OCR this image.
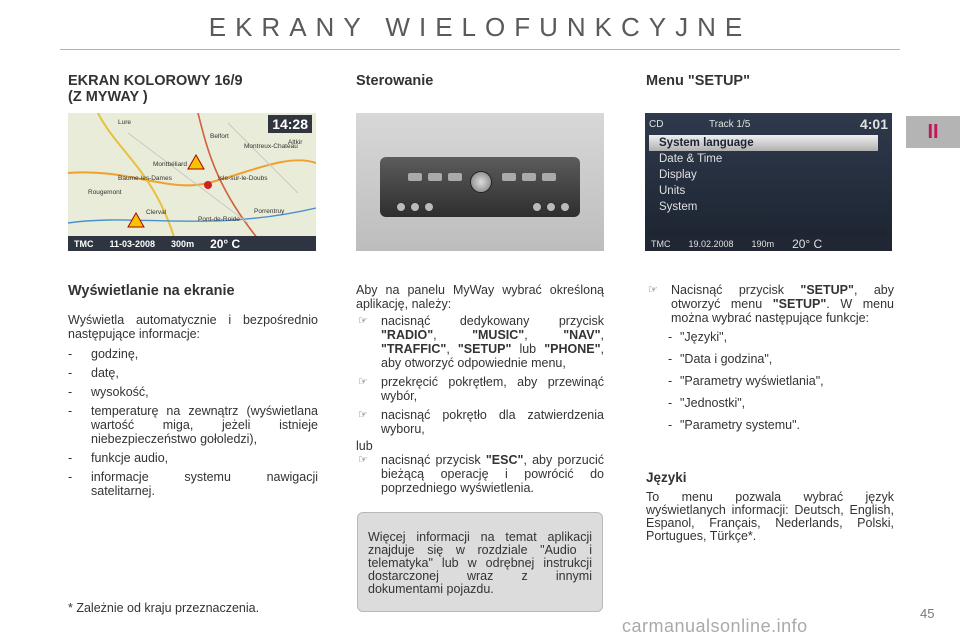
EKRANY WIELOFUNKCYJNE
II
EKRAN KOLOROWY 16/9
(Z MYWAY )
Lure
Belfort
Montreux-Chateau
Altkir
Montbéliard
Rougemont
Clerval
Pont-de-Roide
Porrentruy
Baume-les-Dames	Isle-sur-le-Doubs
14:28
TMC 11-03-2008 300m 20° C
Wyświetlanie na ekranie

Wyświetla automatycznie i bezpośrednio następujące informacje:

- godzinę,
- datę,
- wysokość,
- temperaturę na zewnątrz (wyświetlana wartość miga, jeżeli istnieje niebezpieczeństwo gołoledzi),
- funkcje audio,
- informacje systemu nawigacji satelitarnej.
* Zależnie od kraju przeznaczenia.
Sterowanie

Aby na panelu MyWay wybrać określoną aplikację, należy:

☞ nacisnąć dedykowany przycisk "RADIO", "MUSIC", "NAV", "TRAFFIC", "SETUP" lub "PHONE", aby otworzyć odpowiednie menu,
☞ przekręcić pokrętłem, aby przewinąć wybór,
☞ nacisnąć pokrętło dla zatwierdzenia wyboru,

lub

☞ nacisnąć przycisk "ESC", aby porzucić bieżącą operację i powrócić do poprzedniego wyświetlenia.
Więcej informacji na temat aplikacji znajduje się w rozdziale "Audio i telematyka" lub w odrębnej instrukcji dostarczonej wraz z innymi dokumentami pojazdu.
Menu "SETUP"
CD	Track 1/5	4:01
System language
Date & Time
Display
Units
System
TMC 19.02.2008 190m 20° C
☞ Nacisnąć przycisk "SETUP", aby otworzyć menu "SETUP". W menu można wybrać następujące funkcje:
- "Języki",
- "Data i godzina",
- "Parametry wyświetlania",
- "Jednostki",
- "Parametry systemu".
Języki

To menu pozwala wybrać język wyświetlanych informacji: Deutsch, English, Espanol, Français, Nederlands, Polski, Portugues, Türkçe*.

45
carmanualsonline.info
